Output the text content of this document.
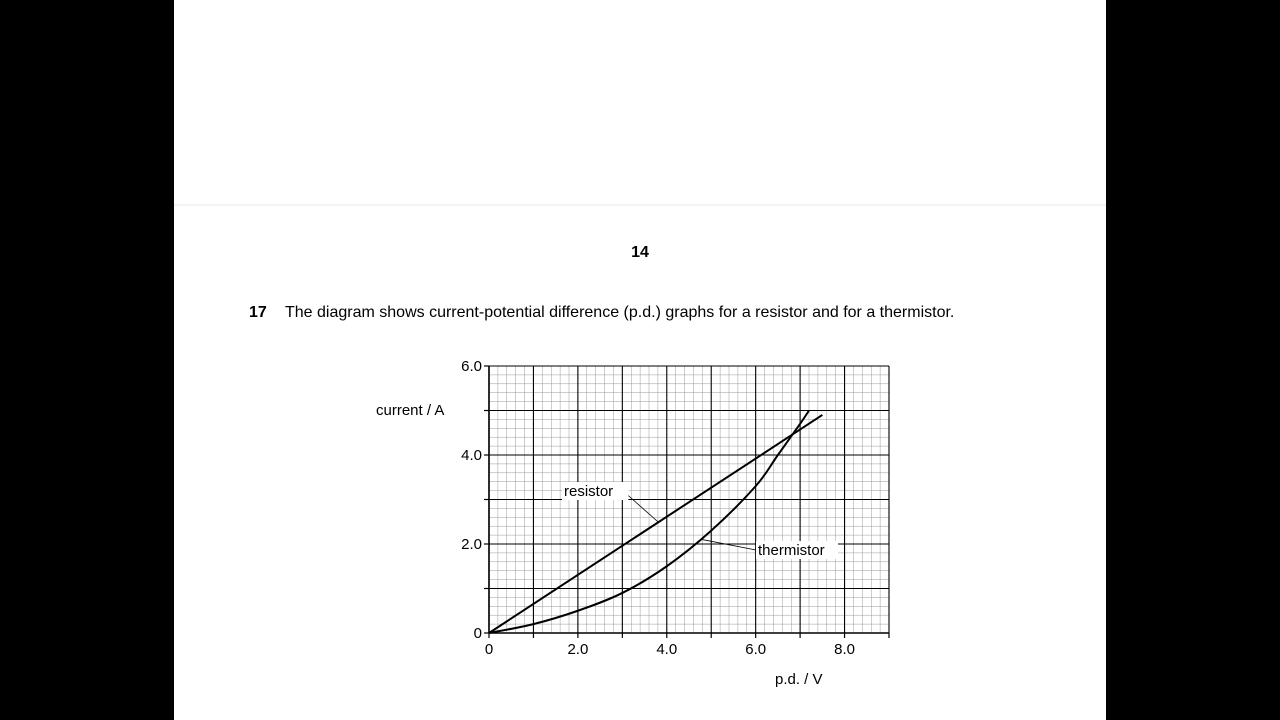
14
17 The diagram shows current-potential difference (p.d.) graphs for a resistor and for a thermistor.
0	2.0	4.0	6.0	8.0
0
2.0
4.0
6.0
resistor
thermistor
current / A
p.d. / V
